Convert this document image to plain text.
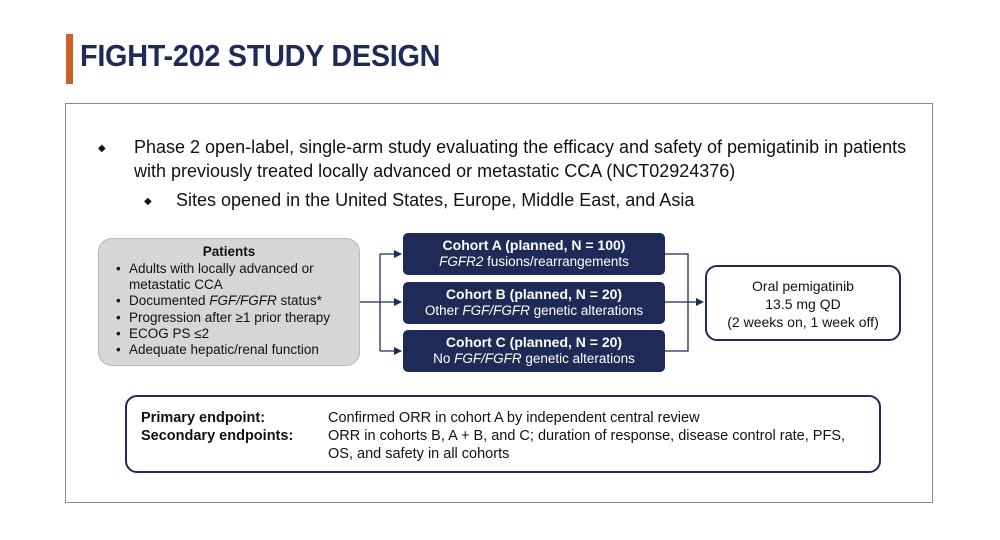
FIGHT-202 STUDY DESIGN
◆ Phase 2 open-label, single-arm study evaluating the efficacy and safety of pemigatinib in patients with previously treated locally advanced or metastatic CCA (NCT02924376)
◆ Sites opened in the United States, Europe, Middle East, and Asia
Patients
• Adults with locally advanced or metastatic CCA
• Documented FGF/FGFR status*
• Progression after ≥1 prior therapy
• ECOG PS ≤2
• Adequate hepatic/renal function
Cohort A (planned, N = 100)
FGFR2 fusions/rearrangements
Cohort B (planned, N = 20)
Other FGF/FGFR genetic alterations
Cohort C (planned, N = 20)
No FGF/FGFR genetic alterations
Oral pemigatinib
13.5 mg QD
(2 weeks on, 1 week off)
Primary endpoint:	Confirmed ORR in cohort A by independent central review
Secondary endpoints: ORR in cohorts B, A + B, and C; duration of response, disease control rate, PFS, OS, and safety in all cohorts
